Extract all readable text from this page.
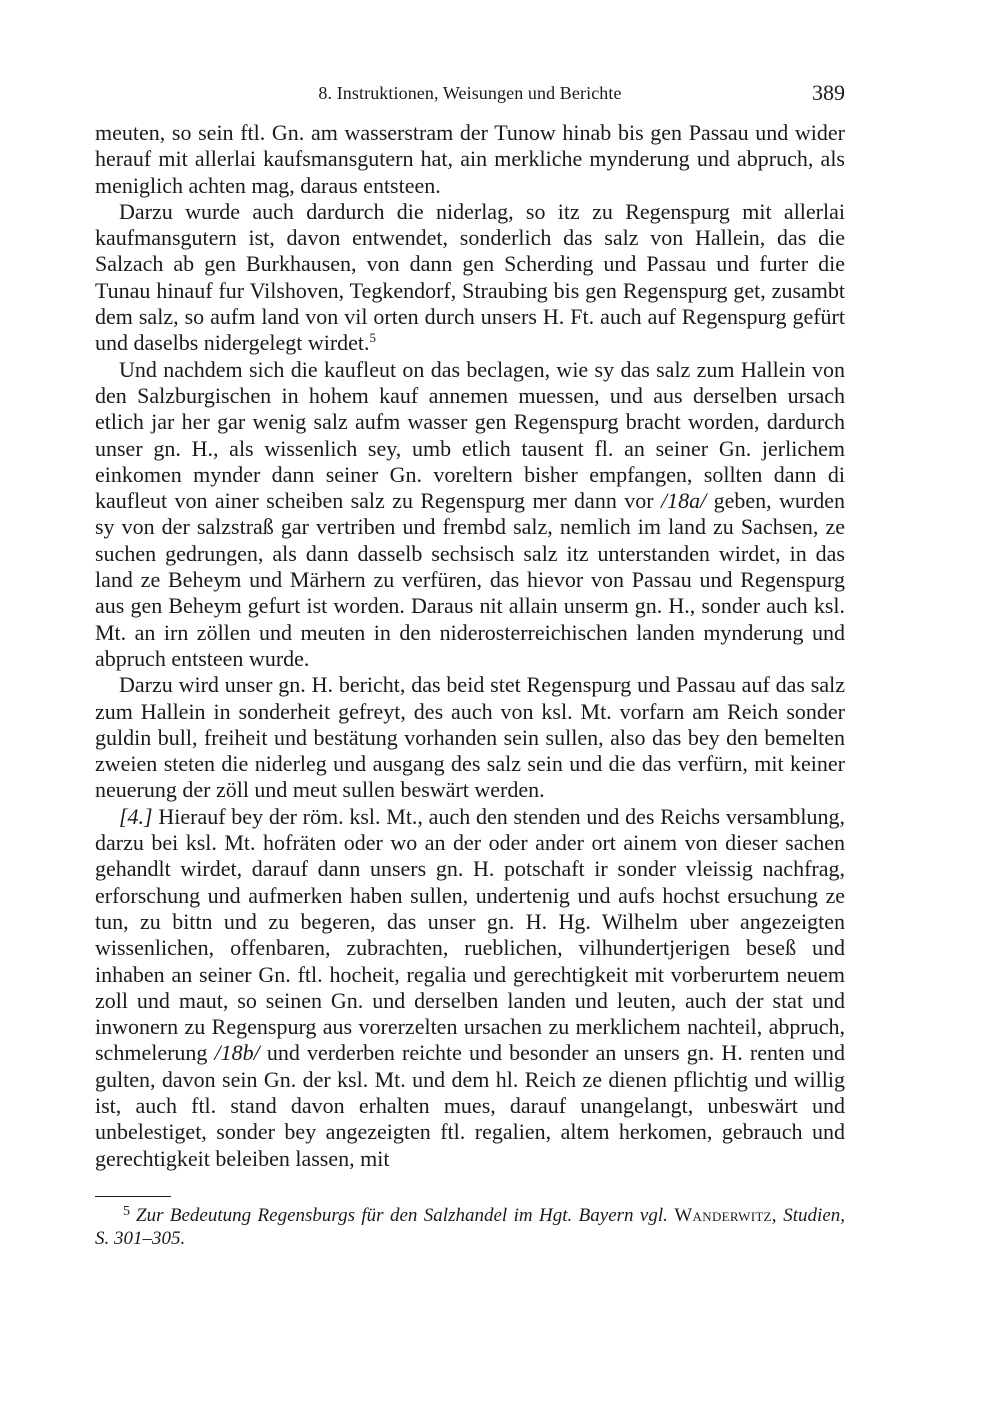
8. Instruktionen, Weisungen und Berichte	389

meuten, so sein ftl. Gn. am wasserstram der Tunow hinab bis gen Passau und wider herauf mit allerlai kaufsmansgutern hat, ain merkliche mynderung und abpruch, als meniglich achten mag, daraus entsteen.

Darzu wurde auch dardurch die niderlag, so itz zu Regenspurg mit allerlai kaufmansgutern ist, davon entwendet, sonderlich das salz von Hallein, das die Salzach ab gen Burkhausen, von dann gen Scherding und Passau und furter die Tunau hinauf fur Vilshoven, Tegkendorf, Straubing bis gen Regenspurg get, zusambt dem salz, so aufm land von vil orten durch unsers H. Ft. auch auf Regenspurg gefürt und daselbs nidergelegt wirdet.$^5$

Und nachdem sich die kaufleut on das beclagen, wie sy das salz zum Hallein von den Salzburgischen in hohem kauf annemen muessen, und aus derselben ursach etlich jar her gar wenig salz aufm wasser gen Regenspurg bracht worden, dardurch unser gn. H., als wissenlich sey, umb etlich tausent fl. an seiner Gn. jerlichem einkomen mynder dann seiner Gn. voreltern bisher empfangen, sollten dann di kaufleut von ainer scheiben salz zu Regenspurg mer dann vor /18a/ geben, wurden sy von der salzstraß gar vertriben und frembd salz, nemlich im land zu Sachsen, ze suchen gedrungen, als dann dasselb sechsisch salz itz unterstanden wirdet, in das land ze Beheym und Märhern zu verfüren, das hievor von Passau und Regenspurg aus gen Beheym gefurt ist worden. Daraus nit allain unserm gn. H., sonder auch ksl. Mt. an irn zöllen und meuten in den niderosterreichischen landen mynderung und abpruch entsteen wurde.

Darzu wird unser gn. H. bericht, das beid stet Regenspurg und Passau auf das salz zum Hallein in sonderheit gefreyt, des auch von ksl. Mt. vorfarn am Reich sonder guldin bull, freiheit und bestätung vorhanden sein sullen, also das bey den bemelten zweien steten die niderleg und ausgang des salz sein und die das verfürn, mit keiner neuerung der zöll und meut sullen beswärt werden.

[4.] Hierauf bey der röm. ksl. Mt., auch den stenden und des Reichs versamblung, darzu bei ksl. Mt. hofräten oder wo an der oder ander ort ainem von dieser sachen gehandlt wirdet, darauf dann unsers gn. H. potschaft ir sonder vleissig nachfrag, erforschung und aufmerken haben sullen, undertenig und aufs hochst ersuchung ze tun, zu bittn und zu begeren, das unser gn. H. Hg. Wilhelm uber angezeigten wissenlichen, offenbaren, zubrachten, rueblichen, vilhundertjerigen beseß und inhaben an seiner Gn. ftl. hocheit, regalia und gerechtigkeit mit vorberurtem neuem zoll und maut, so seinen Gn. und derselben landen und leuten, auch der stat und inwonern zu Regenspurg aus vorerzelten ursachen zu merklichem nachteil, abpruch, schmelerung /18b/ und verderben reichte und besonder an unsers gn. H. renten und gulten, davon sein Gn. der ksl. Mt. und dem hl. Reich ze dienen pflichtig und willig ist, auch ftl. stand davon erhalten mues, darauf unangelangt, unbeswärt und unbelestiget, sonder bey angezeigten ftl. regalien, altem herkomen, gebrauch und gerechtigkeit beleiben lassen, mit

$^5$ Zur Bedeutung Regensburgs für den Salzhandel im Hgt. Bayern vgl. Wanderwitz, Studien, S. 301–305.
